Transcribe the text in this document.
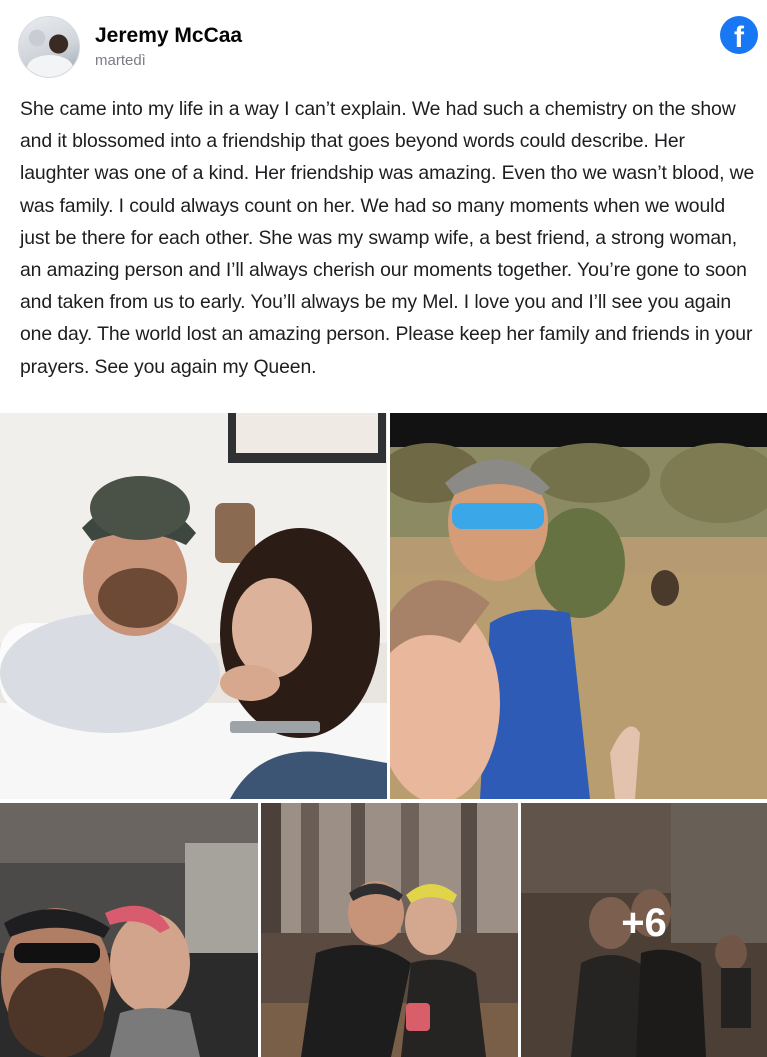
Jeremy McCaa
martedì
f
She came into my life in a way I can’t explain. We had such a chemistry on the show and it blossomed into a friendship that goes beyond words could describe. Her laughter was one of a kind. Her friendship was amazing. Even tho we wasn’t blood, we was family. I could always count on her. We had so many moments when we would just be there for each other. She was my swamp wife, a best friend, a strong woman, an amazing person and I’ll always cherish our moments together. You’re gone to soon and taken from us to early. You’ll always be my Mel. I love you and I’ll see you again one day. The world lost an amazing person. Please keep her family and friends in your prayers. See you again my Queen.
+6
